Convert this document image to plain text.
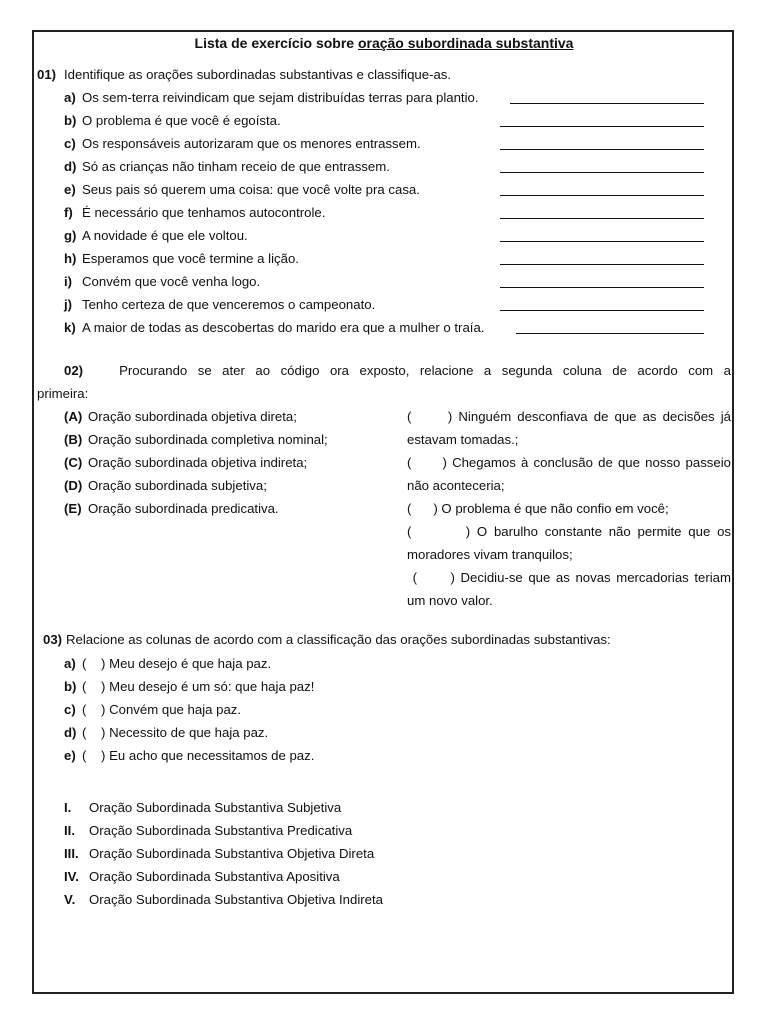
Lista de exercício sobre oração subordinada substantiva
01) Identifique as orações subordinadas substantivas e classifique-as.
a) Os sem-terra reivindicam que sejam distribuídas terras para plantio.
b) O problema é que você é egoísta.
c) Os responsáveis autorizaram que os menores entrassem.
d) Só as crianças não tinham receio de que entrassem.
e) Seus pais só querem uma coisa: que você volte pra casa.
f) É necessário que tenhamos autocontrole.
g) A novidade é que ele voltou.
h) Esperamos que você termine a lição.
i) Convém que você venha logo.
j) Tenho certeza de que venceremos o campeonato.
k) A maior de todas as descobertas do marido era que a mulher o traía.
02)	Procurando se ater ao código ora exposto, relacione a segunda coluna de acordo com a
primeira:
(A) Oração subordinada objetiva direta;
(B) Oração subordinada completiva nominal;
(C) Oração subordinada objetiva indireta;
(D) Oração subordinada subjetiva;
(E) Oração subordinada predicativa.
(      ) Ninguém desconfiava de que as decisões já
estavam tomadas.;
(      ) Chegamos à conclusão de que nosso passeio
não aconteceria;
(      ) O problema é que não confio em você;
(        ) O barulho constante não permite que os
moradores vivam tranquilos;
(      ) Decidiu-se que as novas mercadorias teriam
um novo valor.
03) Relacione as colunas de acordo com a classificação das orações subordinadas substantivas:
a) (    ) Meu desejo é que haja paz.
b) (    ) Meu desejo é um só: que haja paz!
c) (    ) Convém que haja paz.
d) (    ) Necessito de que haja paz.
e) (    ) Eu acho que necessitamos de paz.
I. Oração Subordinada Substantiva Subjetiva
II. Oração Subordinada Substantiva Predicativa
III. Oração Subordinada Substantiva Objetiva Direta
IV. Oração Subordinada Substantiva Apositiva
V. Oração Subordinada Substantiva Objetiva Indireta
